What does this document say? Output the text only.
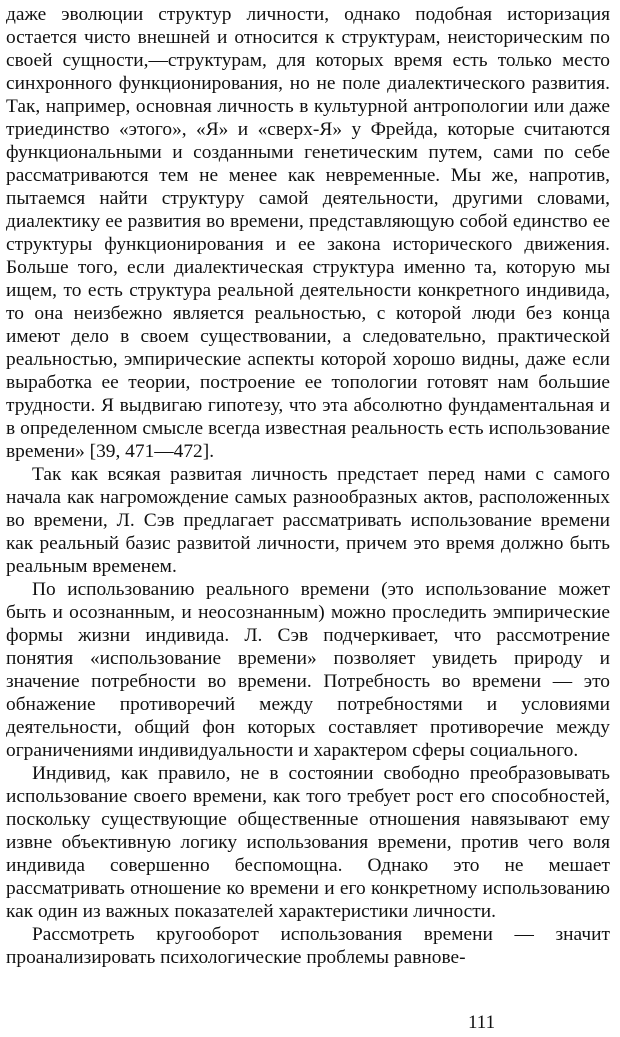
даже эволюции структур личности, однако подобная историзация остается чисто внешней и относится к структурам, неисторическим по своей сущности,—структурам, для которых время есть только место синхронного функционирования, но не поле диалектического развития. Так, например, основная личность в культурной антропологии или даже триединство «этого», «Я» и «сверх-Я» у Фрейда, которые считаются функциональными и созданными генетическим путем, сами по себе рассматриваются тем не менее как невременные. Мы же, напротив, пытаемся найти структуру самой деятельности, другими словами, диалектику ее развития во времени, представляющую собой единство ее структуры функционирования и ее закона исторического движения. Больше того, если диалектическая структура именно та, которую мы ищем, то есть структура реальной деятельности конкретного индивида, то она неизбежно является реальностью, с которой люди без конца имеют дело в своем существовании, а следовательно, практической реальностью, эмпирические аспекты которой хорошо видны, даже если выработка ее теории, построение ее топологии готовят нам большие трудности. Я выдвигаю гипотезу, что эта абсолютно фундаментальная и в определенном смысле всегда известная реальность есть использование времени» [39, 471—472].

Так как всякая развитая личность предстает перед нами с самого начала как нагромождение самых разнообразных актов, расположенных во времени, Л. Сэв предлагает рассматривать использование времени как реальный базис развитой личности, причем это время должно быть реальным временем.

По использованию реального времени (это использование может быть и осознанным, и неосознанным) можно проследить эмпирические формы жизни индивида. Л. Сэв подчеркивает, что рассмотрение понятия «использование времени» позволяет увидеть природу и значение потребности во времени. Потребность во времени — это обнажение противоречий между потребностями и условиями деятельности, общий фон которых составляет противоречие между ограничениями индивидуальности и характером сферы социального.

Индивид, как правило, не в состоянии свободно преобразовывать использование своего времени, как того требует рост его способностей, поскольку существующие общественные отношения навязывают ему извне объективную логику использования времени, против чего воля индивида совершенно беспомощна. Однако это не мешает рассматривать отношение ко времени и его конкретному использованию как один из важных показателей характеристики личности.

Рассмотреть кругооборот использования времени — значит проанализировать психологические проблемы равнове-

111
